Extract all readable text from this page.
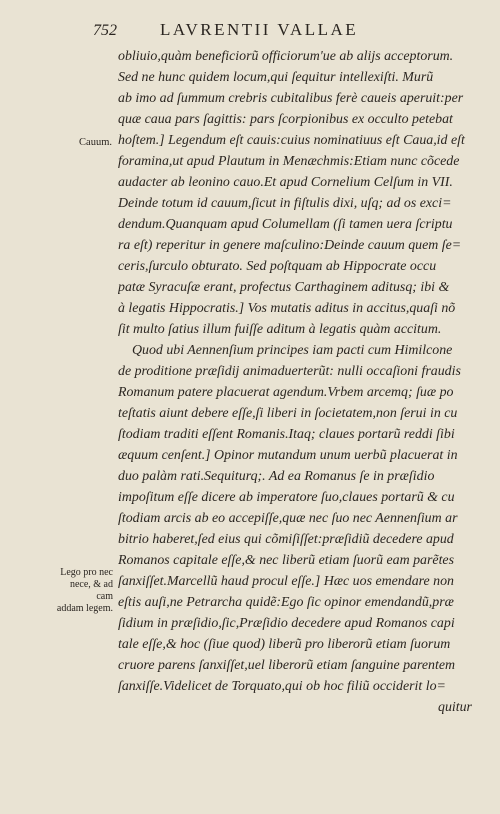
752	LAVRENTII VALLAE
Cauum.
Lego pro nec
nece, & ad cam
addam legem.
obliuio,quàm beneficiorũ officiorum'ue ab alijs acceptorum.
Sed ne hunc quidem locum,qui ſequitur intellexiſti. Murũ
ab imo ad ſummum crebris cubitalibus ferè caueis aperuit:per
quæ caua pars ſagittis: pars ſcorpionibus ex occulto petebat
hoſtem.] Legendum eſt cauis:cuius nominatiuus eſt Caua,id eſt
foramina,ut apud Plautum in Menæchmis:Etiam nunc cõcede
audacter ab leonino cauo.Et apud Cornelium Celſum in VII.
Deinde totum id cauum,ſicut in fiſtulis dixi, uſq; ad os exci=
dendum.Quanquam apud Columellam (ſi tamen uera ſcriptu
ra eſt) reperitur in genere maſculino:Deinde cauum quem ſe=
ceris,ſurculo obturato. Sed poſtquam ab Hippocrate occu
patæ Syracuſæ erant, profectus Carthaginem aditusq; ibi &
à legatis Hippocratis.] Vos mutatis aditus in accitus,quaſi nõ
ſit multo ſatius illum fuiſſe aditum à legatis quàm accitum.
Quod ubi Aennenſium principes iam pacti cum Himilcone
de proditione præſidij animaduerterũt: nulli occaſioni fraudis
Romanum patere placuerat agendum.Vrbem arcemq; ſuæ po
teſtatis aiunt debere eſſe,ſi liberi in ſocietatem,non ſerui in cu
ſtodiam traditi eſſent Romanis.Itaq; claues portarũ reddi ſibi
æquum cenſent.] Opinor mutandum unum uerbũ placuerat in
duo palàm rati.Sequiturq;. Ad ea Romanus ſe in præſidio
impoſitum eſſe dicere ab imperatore ſuo,claues portarũ & cu
ſtodiam arcis ab eo accepiſſe,quæ nec ſuo nec Aennenſium ar
bitrio haberet,ſed eius qui cõmiſiſſet:præſidiũ decedere apud
Romanos capitale eſſe,& nec liberũ etiam ſuorũ eam parẽtes
ſanxiſſet.Marcellũ haud procul eſſe.] Hæc uos emendare non
eſtis auſi,ne Petrarcha quidẽ:Ego ſic opinor emendandũ,præ
ſidium in præſidio,ſic,Præſidio decedere apud Romanos capi
tale eſſe,& hoc (ſiue quod) liberũ pro liberorũ etiam ſuorum
cruore parens ſanxiſſet,uel liberorũ etiam ſanguine parentem
ſanxiſſe.Videlicet de Torquato,qui ob hoc filiũ occiderit lo=
quitur
